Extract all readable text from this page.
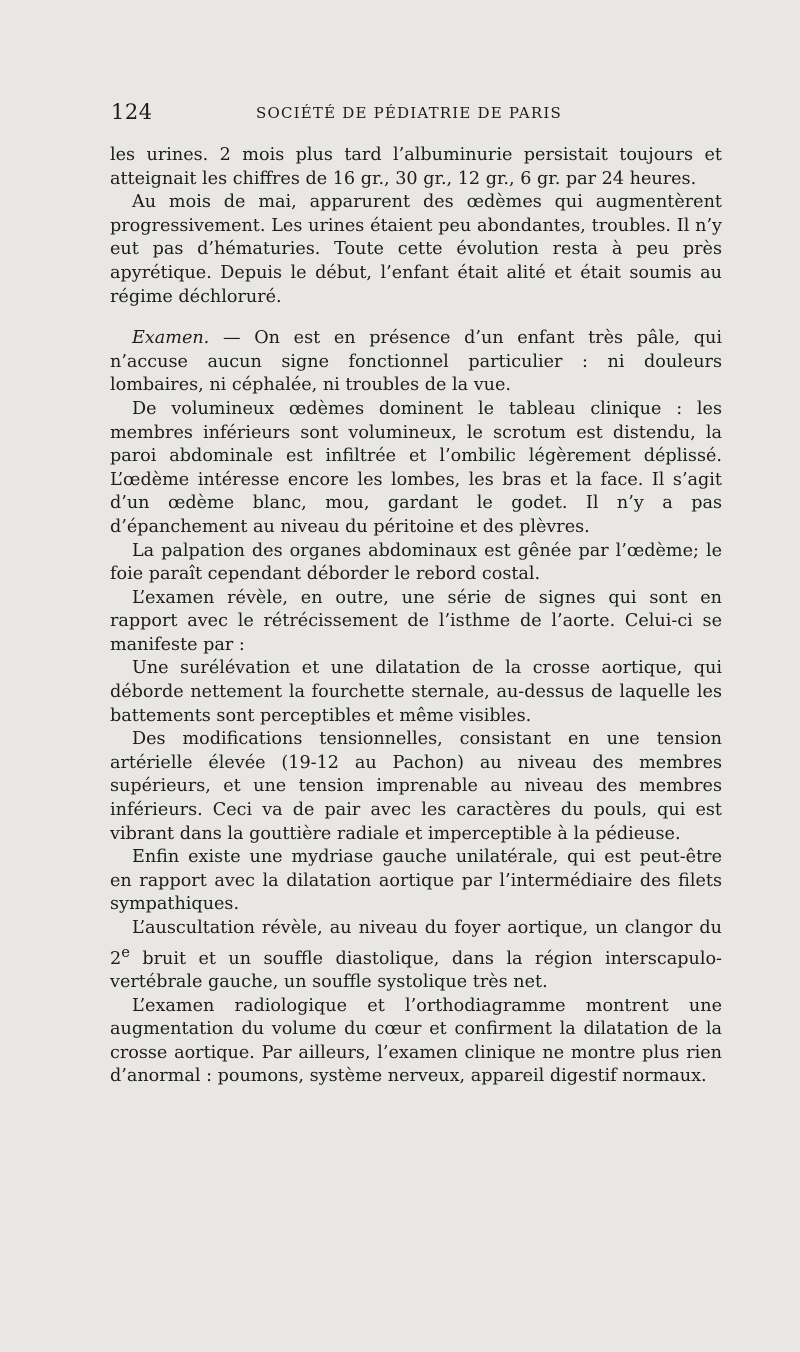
124	SOCIÉTÉ DE PÉDIATRIE DE PARIS

les urines. 2 mois plus tard l’albuminurie persistait toujours et atteignait les chiffres de 16 gr., 30 gr., 12 gr., 6 gr. par 24 heures.

Au mois de mai, apparurent des œdèmes qui augmentèrent progressivement. Les urines étaient peu abondantes, troubles. Il n’y eut pas d’hématuries. Toute cette évolution resta à peu près apyrétique. Depuis le début, l’enfant était alité et était soumis au régime déchloruré.

Examen. — On est en présence d’un enfant très pâle, qui n’accuse aucun signe fonctionnel particulier : ni douleurs lombaires, ni céphalée, ni troubles de la vue.

De volumineux œdèmes dominent le tableau clinique : les membres inférieurs sont volumineux, le scrotum est distendu, la paroi abdominale est infiltrée et l’ombilic légèrement déplissé. L’œdème intéresse encore les lombes, les bras et la face. Il s’agit d’un œdème blanc, mou, gardant le godet. Il n’y a pas d’épanchement au niveau du péritoine et des plèvres.

La palpation des organes abdominaux est gênée par l’œdème; le foie paraît cependant déborder le rebord costal.

L’examen révèle, en outre, une série de signes qui sont en rapport avec le rétrécissement de l’isthme de l’aorte. Celui-ci se manifeste par :

Une surélévation et une dilatation de la crosse aortique, qui déborde nettement la fourchette sternale, au-dessus de laquelle les battements sont perceptibles et même visibles.

Des modifications tensionnelles, consistant en une tension artérielle élevée (19-12 au Pachon) au niveau des membres supérieurs, et une tension imprenable au niveau des membres inférieurs. Ceci va de pair avec les caractères du pouls, qui est vibrant dans la gouttière radiale et imperceptible à la pédieuse.

Enfin existe une mydriase gauche unilatérale, qui est peut-être en rapport avec la dilatation aortique par l’intermédiaire des filets sympathiques.

L’auscultation révèle, au niveau du foyer aortique, un clangor du 2e bruit et un souffle diastolique, dans la région interscapulo-vertébrale gauche, un souffle systolique très net.

L’examen radiologique et l’orthodiagramme montrent une augmentation du volume du cœur et confirment la dilatation de la crosse aortique. Par ailleurs, l’examen clinique ne montre plus rien d’anormal : poumons, système nerveux, appareil digestif normaux.
